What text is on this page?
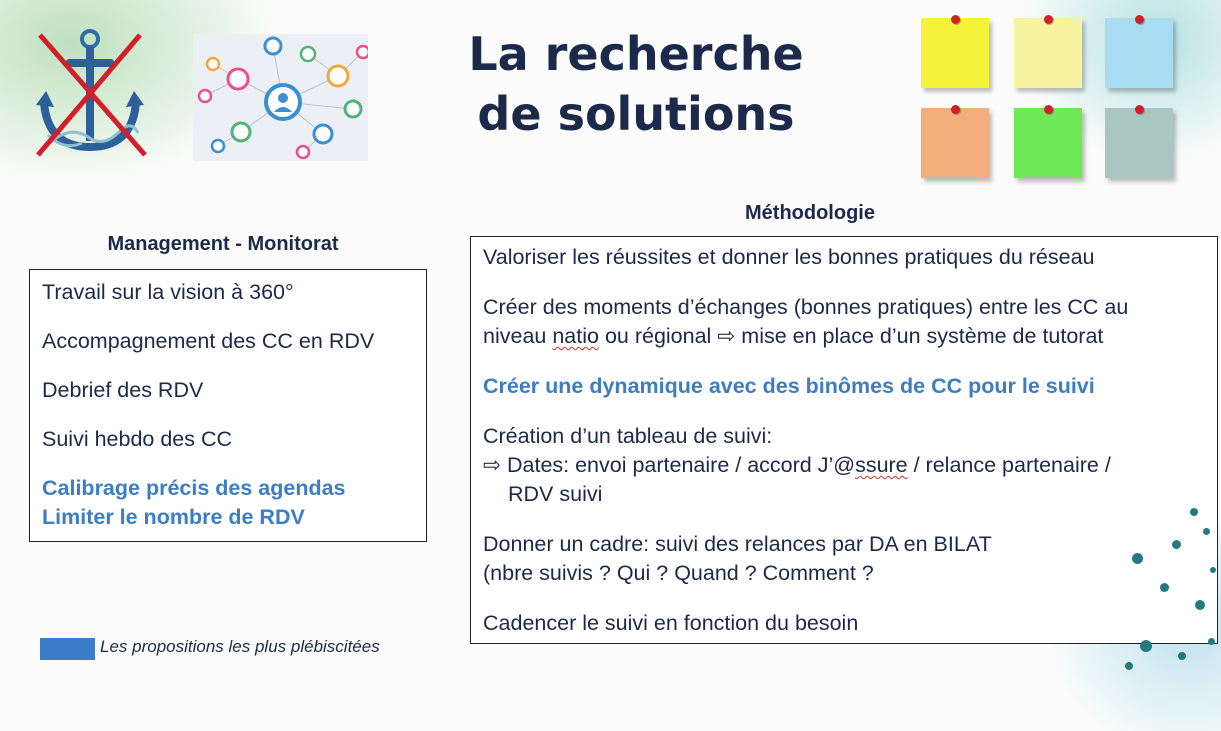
La recherche
de solutions
Management - Monitorat

Travail sur la vision à 360°

Accompagnement des CC en RDV

Debrief des RDV

Suivi hebdo des CC

Calibrage précis des agendas

Limiter le nombre de RDV

Méthodologie

Valoriser les réussites et donner les bonnes pratiques du réseau

Créer des moments d’échanges (bonnes pratiques) entre les CC au

niveau natio ou régional ⇨ mise en place d’un système de tutorat

Créer une dynamique avec des binômes de CC pour le suivi

Création d’un tableau de suivi:

⇨ Dates: envoi partenaire / accord J’@ssure / relance partenaire /

RDV suivi

Donner un cadre: suivi des relances par DA en BILAT

(nbre suivis ? Qui ? Quand ? Comment ?

Cadencer le suivi en fonction du besoin

Les propositions les plus plébiscitées
